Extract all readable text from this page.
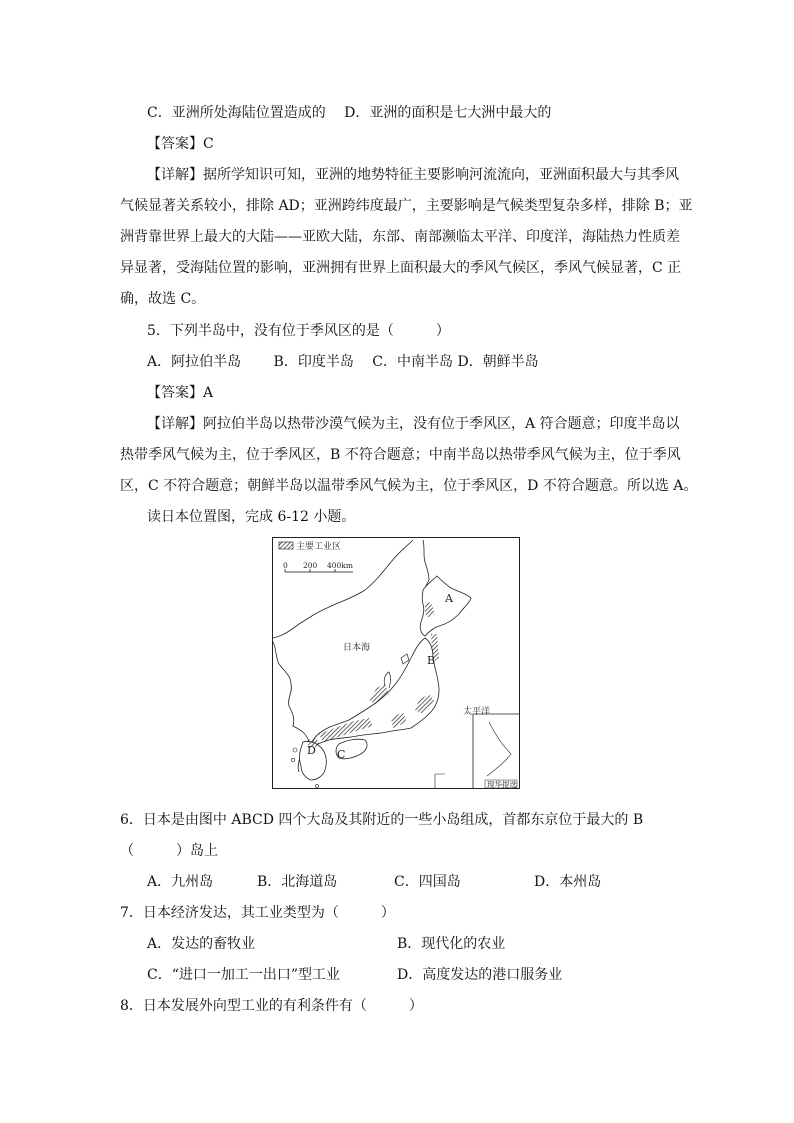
C．亚洲所处海陆位置造成的　 D．亚洲的面积是七大洲中最大的
【答案】C
【详解】据所学知识可知，亚洲的地势特征主要影响河流流向，亚洲面积最大与其季风
气候显著关系较小，排除 AD；亚洲跨纬度最广，主要影响是气候类型复杂多样，排除 B；亚
洲背靠世界上最大的大陆——亚欧大陆，东部、南部濒临太平洋、印度洋，海陆热力性质差
异显著，受海陆位置的影响，亚洲拥有世界上面积最大的季风气候区，季风气候显著，C 正
确，故选 C。
5．下列半岛中，没有位于季风区的是（　　　）
A．阿拉伯半岛　　 B．印度半岛　 C．中南半岛 D．朝鲜半岛
【答案】A
【详解】阿拉伯半岛以热带沙漠气候为主，没有位于季风区，A 符合题意；印度半岛以
热带季风气候为主，位于季风区，B 不符合题意；中南半岛以热带季风气候为主，位于季风
区，C 不符合题意；朝鲜半岛以温带季风气候为主，位于季风区，D 不符合题意。所以选 A。
读日本位置图，完成 6-12 小题。
主要工业区
0 200 400km
现华提选
日本海
太平洋
A
B
C
D
6．日本是由图中 ABCD 四个大岛及其附近的一些小岛组成，首都东京位于最大的 B
（　　　）岛上
A．九州岛	B．北海道岛	C．四国岛	D．本州岛
7．日本经济发达，其工业类型为（　　　）
A．发达的畜牧业	B．现代化的农业
C．“进口一加工一出口”型工业	D．高度发达的港口服务业
8．日本发展外向型工业的有利条件有（　　　）
